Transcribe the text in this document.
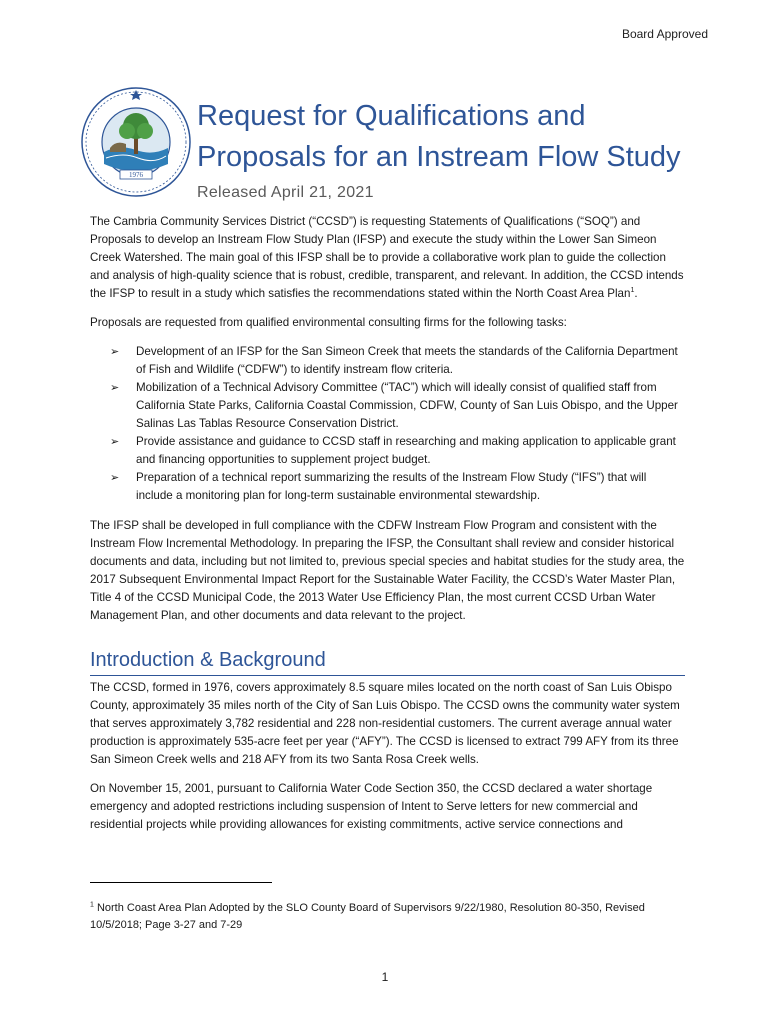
Board Approved
1976
Request for Qualifications and
Proposals for an Instream Flow Study
Released April 21, 2021

The Cambria Community Services District (“CCSD”) is requesting Statements of Qualifications (“SOQ”) and Proposals to develop an Instream Flow Study Plan (IFSP) and execute the study within the Lower San Simeon Creek Watershed. The main goal of this IFSP shall be to provide a collaborative work plan to guide the collection and analysis of high-quality science that is robust, credible, transparent, and relevant. In addition, the CCSD intends the IFSP to result in a study which satisfies the recommendations stated within the North Coast Area Plan$^1$.

Proposals are requested from qualified environmental consulting firms for the following tasks:

➢ Development of an IFSP for the San Simeon Creek that meets the standards of the California Department of Fish and Wildlife (“CDFW”) to identify instream flow criteria.
➢ Mobilization of a Technical Advisory Committee (“TAC”) which will ideally consist of qualified staff from California State Parks, California Coastal Commission, CDFW, County of San Luis Obispo, and the Upper Salinas Las Tablas Resource Conservation District.
➢ Provide assistance and guidance to CCSD staff in researching and making application to applicable grant and financing opportunities to supplement project budget.
➢ Preparation of a technical report summarizing the results of the Instream Flow Study (“IFS”) that will include a monitoring plan for long-term sustainable environmental stewardship.

The IFSP shall be developed in full compliance with the CDFW Instream Flow Program and consistent with the Instream Flow Incremental Methodology. In preparing the IFSP, the Consultant shall review and consider historical documents and data, including but not limited to, previous special species and habitat studies for the study area, the 2017 Subsequent Environmental Impact Report for the Sustainable Water Facility, the CCSD’s Water Master Plan, Title 4 of the CCSD Municipal Code, the 2013 Water Use Efficiency Plan, the most current CCSD Urban Water Management Plan, and other documents and data relevant to the project.

Introduction & Background

The CCSD, formed in 1976, covers approximately 8.5 square miles located on the north coast of San Luis Obispo County, approximately 35 miles north of the City of San Luis Obispo. The CCSD owns the community water system that serves approximately 3,782 residential and 228 non-residential customers. The current average annual water production is approximately 535-acre feet per year (“AFY”). The CCSD is licensed to extract 799 AFY from its three San Simeon Creek wells and 218 AFY from its two Santa Rosa Creek wells.

On November 15, 2001, pursuant to California Water Code Section 350, the CCSD declared a water shortage emergency and adopted restrictions including suspension of Intent to Serve letters for new commercial and residential projects while providing allowances for existing commitments, active service connections and

$^1$ North Coast Area Plan Adopted by the SLO County Board of Supervisors 9/22/1980, Resolution 80-350, Revised 10/5/2018; Page 3-27 and 7-29
1
